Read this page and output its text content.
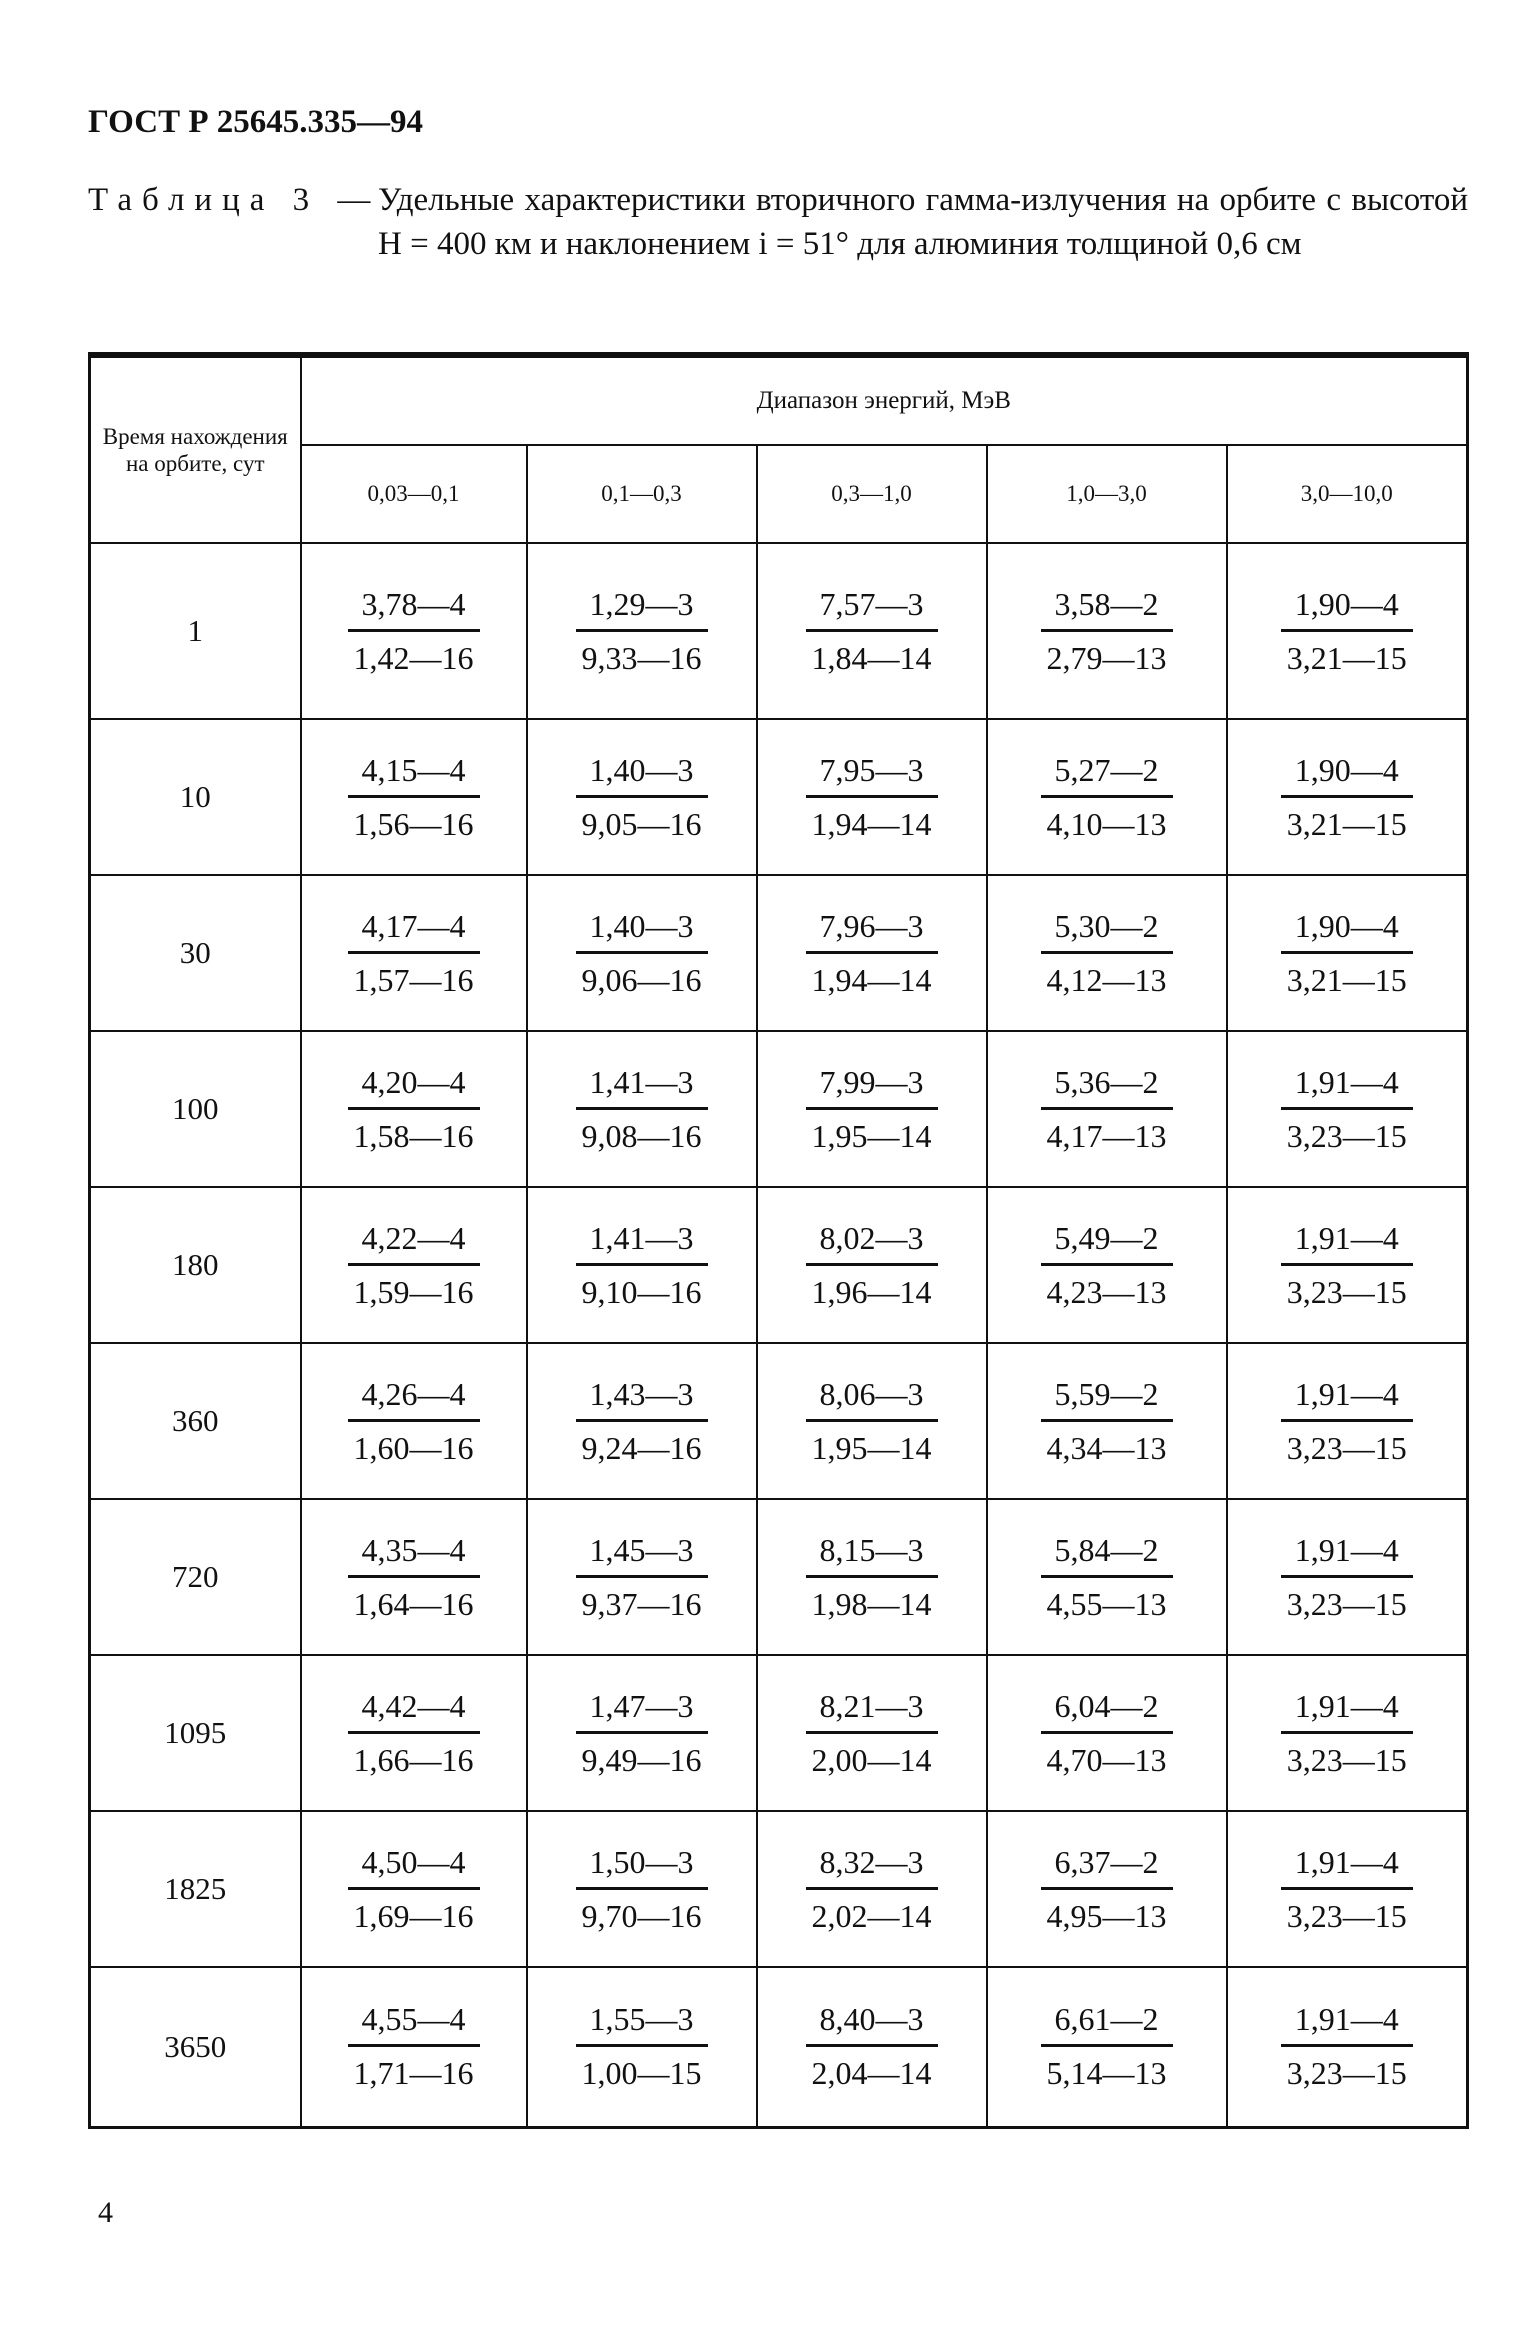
ГОСТ Р 25645.335—94
Таблица 3 —
Удельные характеристики вторичного гамма-излучения на орбите с высотой H = 400 км и наклонением i = 51° для алюминия толщиной 0,6 см
Время нахождения на орбите, сут	Диапазон энергий, МэВ				
	0,03—0,1	0,1—0,3	0,3—1,0	1,0—3,0	3,0—10,0
1	$\frac{3,78—4}{1,42—16}$	$\frac{1,29—3}{9,33—16}$	$\frac{7,57—3}{1,84—14}$	$\frac{3,58—2}{2,79—13}$	$\frac{1,90—4}{3,21—15}$

10	$\frac{4,15—4}{1,56—16}$	$\frac{1,40—3}{9,05—16}$	$\frac{7,95—3}{1,94—14}$	$\frac{5,27—2}{4,10—13}$	$\frac{1,90—4}{3,21—15}$

30	$\frac{4,17—4}{1,57—16}$	$\frac{1,40—3}{9,06—16}$	$\frac{7,96—3}{1,94—14}$	$\frac{5,30—2}{4,12—13}$	$\frac{1,90—4}{3,21—15}$

100	$\frac{4,20—4}{1,58—16}$	$\frac{1,41—3}{9,08—16}$	$\frac{7,99—3}{1,95—14}$	$\frac{5,36—2}{4,17—13}$	$\frac{1,91—4}{3,23—15}$

180	$\frac{4,22—4}{1,59—16}$	$\frac{1,41—3}{9,10—16}$	$\frac{8,02—3}{1,96—14}$	$\frac{5,49—2}{4,23—13}$	$\frac{1,91—4}{3,23—15}$

360	$\frac{4,26—4}{1,60—16}$	$\frac{1,43—3}{9,24—16}$	$\frac{8,06—3}{1,95—14}$	$\frac{5,59—2}{4,34—13}$	$\frac{1,91—4}{3,23—15}$

720	$\frac{4,35—4}{1,64—16}$	$\frac{1,45—3}{9,37—16}$	$\frac{8,15—3}{1,98—14}$	$\frac{5,84—2}{4,55—13}$	$\frac{1,91—4}{3,23—15}$

1095	$\frac{4,42—4}{1,66—16}$	$\frac{1,47—3}{9,49—16}$	$\frac{8,21—3}{2,00—14}$	$\frac{6,04—2}{4,70—13}$	$\frac{1,91—4}{3,23—15}$

1825	$\frac{4,50—4}{1,69—16}$	$\frac{1,50—3}{9,70—16}$	$\frac{8,32—3}{2,02—14}$	$\frac{6,37—2}{4,95—13}$	$\frac{1,91—4}{3,23—15}$

3650	$\frac{4,55—4}{1,71—16}$	$\frac{1,55—3}{1,00—15}$	$\frac{8,40—3}{2,04—14}$	$\frac{6,61—2}{5,14—13}$	$\frac{1,91—4}{3,23—15}$
4
